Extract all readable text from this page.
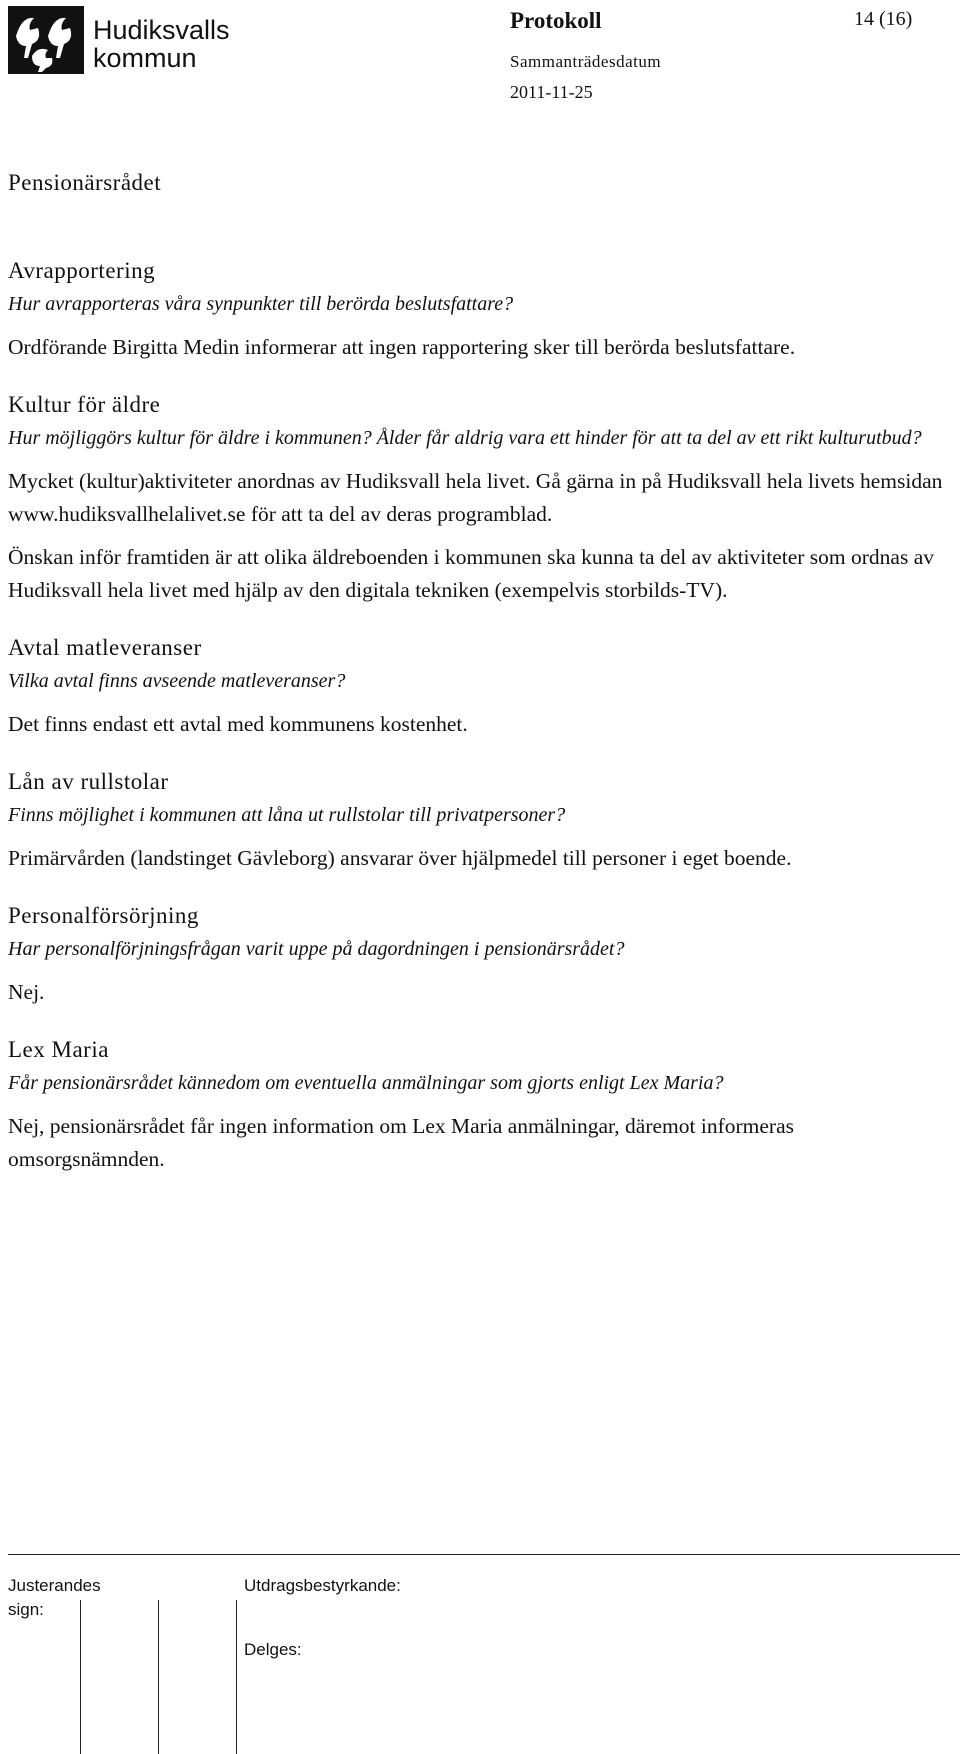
Hudiksvalls
kommun
Protokoll	14 (16)
Sammanträdesdatum
2011-11-25
Pensionärsrådet
Avrapportering

Hur avrapporteras våra synpunkter till berörda beslutsfattare?

Ordförande Birgitta Medin informerar att ingen rapportering sker till berörda beslutsfattare.

Kultur för äldre

Hur möjliggörs kultur för äldre i kommunen? Ålder får aldrig vara ett hinder för att ta del av ett rikt kulturutbud?

Mycket (kultur)aktiviteter anordnas av Hudiksvall hela livet. Gå gärna in på Hudiksvall hela livets hemsidan www.hudiksvallhelalivet.se för att ta del av deras programblad.

Önskan inför framtiden är att olika äldreboenden i kommunen ska kunna ta del av aktiviteter som ordnas av Hudiksvall hela livet med hjälp av den digitala tekniken (exempelvis storbilds-TV).

Avtal matleveranser

Vilka avtal finns avseende matleveranser?

Det finns endast ett avtal med kommunens kostenhet.

Lån av rullstolar

Finns möjlighet i kommunen att låna ut rullstolar till privatpersoner?

Primärvården (landstinget Gävleborg) ansvarar över hjälpmedel till personer i eget boende.

Personalförsörjning

Har personalförjningsfrågan varit uppe på dagordningen i pensionärsrådet?

Nej.

Lex Maria

Får pensionärsrådet kännedom om eventuella anmälningar som gjorts enligt Lex Maria?

Nej, pensionärsrådet får ingen information om Lex Maria anmälningar, däremot informeras omsorgsnämnden.

Justerandes sign:
Utdragsbestyrkande:
Delges:
